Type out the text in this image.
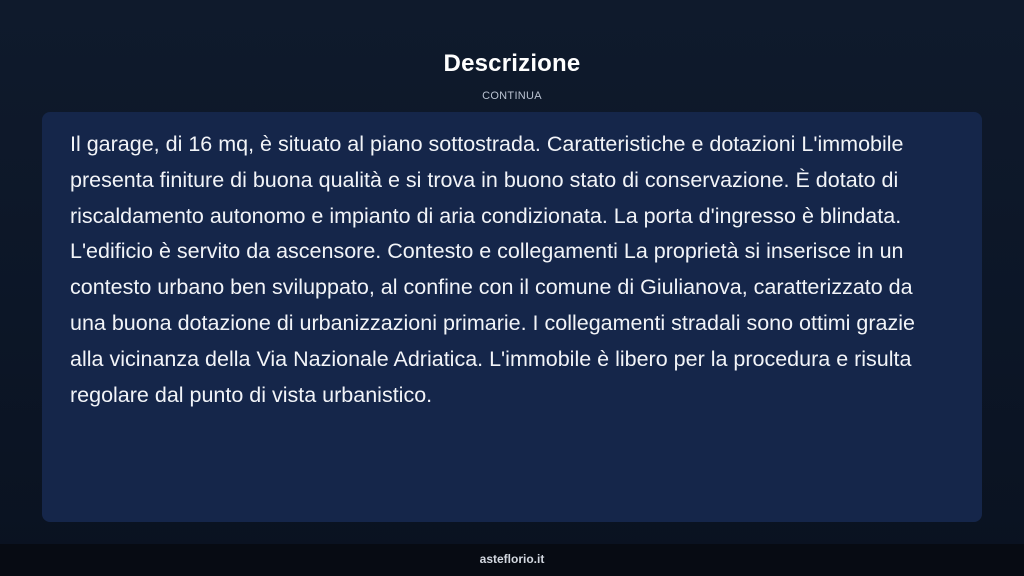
Descrizione
CONTINUA

Il garage, di 16 mq, è situato al piano sottostrada. Caratteristiche e dotazioni L'immobile presenta finiture di buona qualità e si trova in buono stato di conservazione. È dotato di riscaldamento autonomo e impianto di aria condizionata. La porta d'ingresso è blindata. L'edificio è servito da ascensore. Contesto e collegamenti La proprietà si inserisce in un contesto urbano ben sviluppato, al confine con il comune di Giulianova, caratterizzato da una buona dotazione di urbanizzazioni primarie. I collegamenti stradali sono ottimi grazie alla vicinanza della Via Nazionale Adriatica. L'immobile è libero per la procedura e risulta regolare dal punto di vista urbanistico.

asteflorio.it
